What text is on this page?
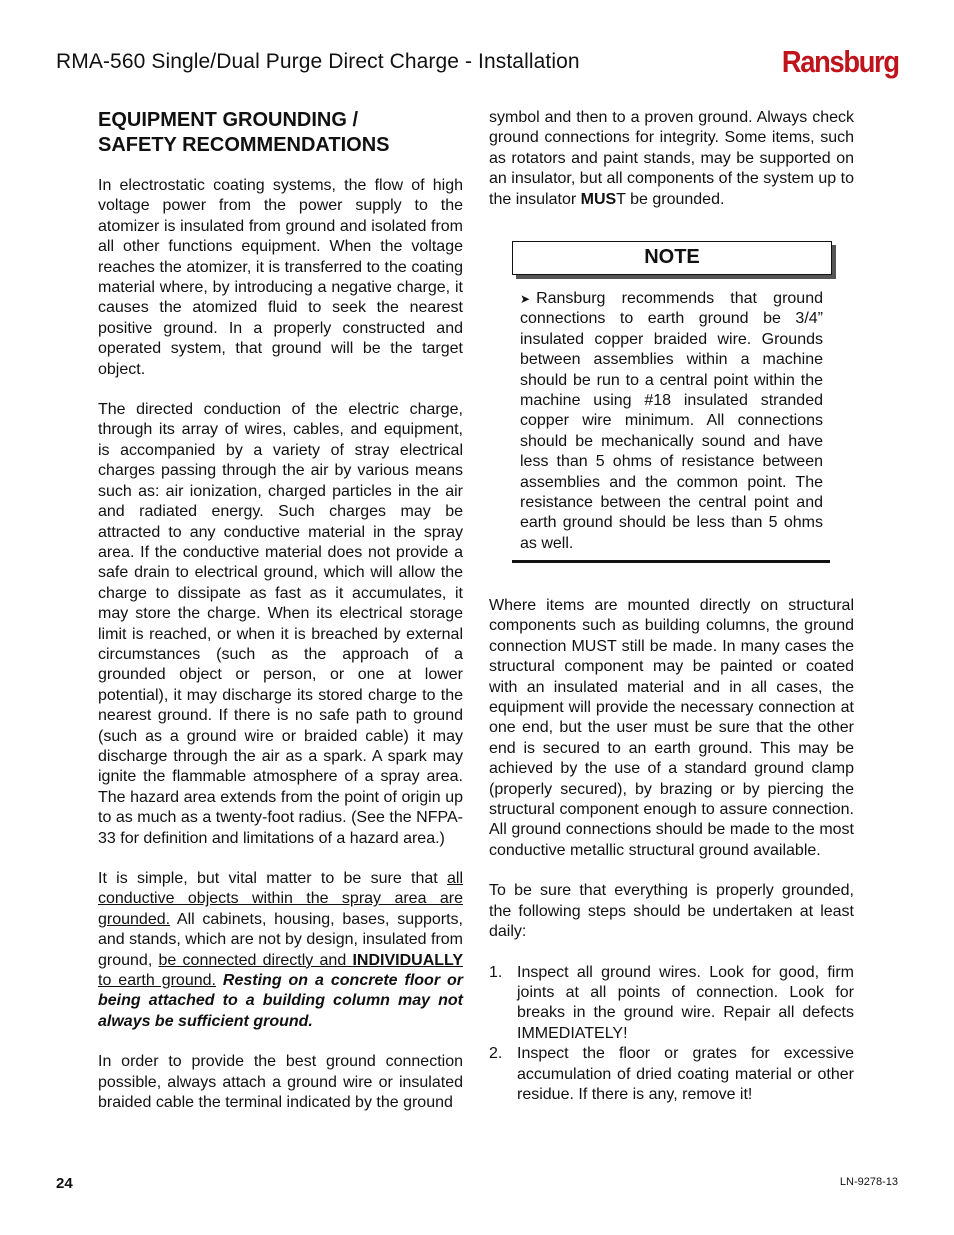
RMA-560 Single/Dual Purge Direct Charge - Installation	Ransburg

EQUIPMENT GROUNDING /
SAFETY RECOMMENDATIONS

In electrostatic coating systems, the flow of high voltage power from the power supply to the atomizer is insulated from ground and isolated from all other functions equipment. When the voltage reaches the atomizer, it is transferred to the coating material where, by introducing a negative charge, it causes the atomized fluid to seek the nearest positive ground. In a properly constructed and operated system, that ground will be the target object.

The directed conduction of the electric charge, through its array of wires, cables, and equipment, is accompanied by a variety of stray electrical charges passing through the air by various means such as: air ionization, charged particles in the air and radiated energy. Such charges may be attracted to any conductive material in the spray area. If the conductive material does not provide a safe drain to electrical ground, which will allow the charge to dissipate as fast as it accumulates, it may store the charge. When its electrical storage limit is reached, or when it is breached by external circumstances (such as the approach of a grounded object or person, or one at lower potential), it may discharge its stored charge to the nearest ground. If there is no safe path to ground (such as a ground wire or braided cable) it may discharge through the air as a spark. A spark may ignite the flammable atmosphere of a spray area. The hazard area extends from the point of origin up to as much as a twenty-foot radius. (See the NFPA-33 for definition and limitations of a hazard area.)

It is simple, but vital matter to be sure that all conductive objects within the spray area are grounded. All cabinets, housing, bases, supports, and stands, which are not by design, insulated from ground, be connected directly and INDIVIDUALLY to earth ground. Resting on a concrete floor or being attached to a building column may not always be sufficient ground.

In order to provide the best ground connection possible, always attach a ground wire or insulated braided cable the terminal indicated by the ground

symbol and then to a proven ground. Always check ground connections for integrity. Some items, such as rotators and paint stands, may be supported on an insulator, but all components of the system up to the insulator MUST be grounded.

NOTE
➤ Ransburg recommends that ground connections to earth ground be 3/4” insulated copper braided wire. Grounds between assemblies within a machine should be run to a central point within the machine using #18 insulated stranded copper wire minimum. All connections should be mechanically sound and have less than 5 ohms of resistance between assemblies and the common point. The resistance between the central point and earth ground should be less than 5 ohms as well.

Where items are mounted directly on structural components such as building columns, the ground connection MUST still be made. In many cases the structural component may be painted or coated with an insulated material and in all cases, the equipment will provide the necessary connection at one end, but the user must be sure that the other end is secured to an earth ground. This may be achieved by the use of a standard ground clamp (properly secured), by brazing or by piercing the structural component enough to assure connection. All ground connections should be made to the most conductive metallic structural ground available.

To be sure that everything is properly grounded, the following steps should be undertaken at least daily:

1. Inspect all ground wires. Look for good, firm joints at all points of connection. Look for breaks in the ground wire. Repair all defects IMMEDIATELY!
2. Inspect the floor or grates for excessive accumulation of dried coating material or other residue. If there is any, remove it!
24	LN-9278-13
